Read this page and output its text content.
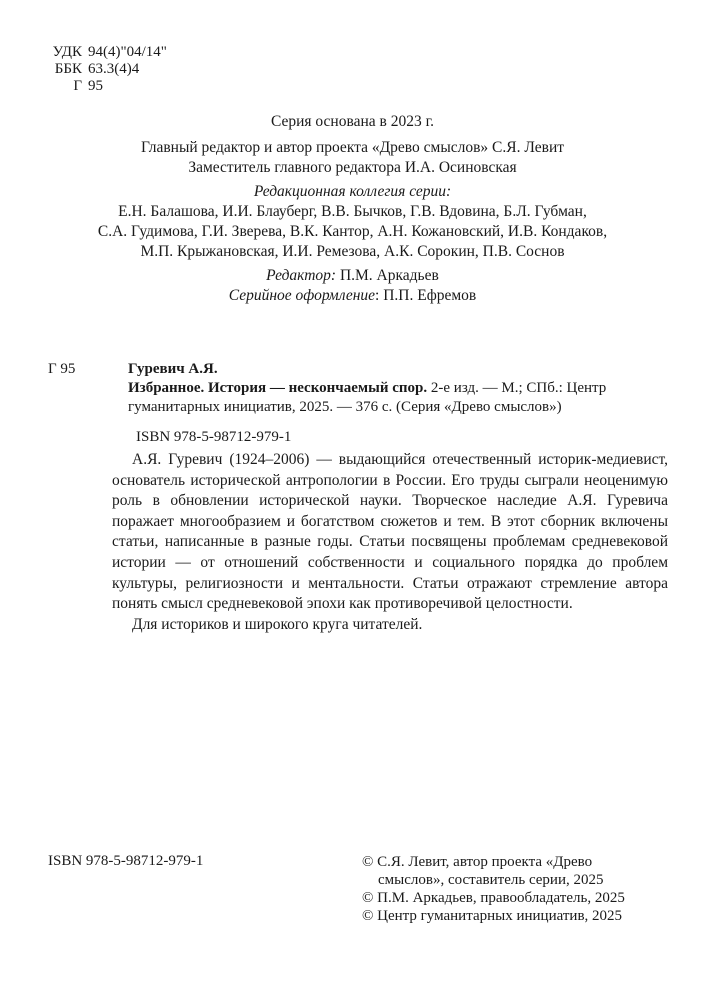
УДК 94(4)"04/14"
ББК 63.3(4)4
Г 95
Серия основана в 2023 г.
Главный редактор и автор проекта «Древо смыслов» С.Я. Левит
Заместитель главного редактора И.А. Осиновская
Редакционная коллегия серии:
Е.Н. Балашова, И.И. Блауберг, В.В. Бычков, Г.В. Вдовина, Б.Л. Губман,
С.А. Гудимова, Г.И. Зверева, В.К. Кантор, А.Н. Кожановский, И.В. Кондаков,
М.П. Крыжановская, И.И. Ремезова, А.К. Сорокин, П.В. Соснов
Редактор: П.М. Аркадьев
Серийное оформление: П.П. Ефремов
Г 95	Гуревич А.Я.
Избранное. История — нескончаемый спор. 2-е изд. — М.; СПб.: Центр гуманитарных инициатив, 2025. — 376 с. (Серия «Древо смыслов»)
ISBN 978-5-98712-979-1

А.Я. Гуревич (1924–2006) — выдающийся отечественный историк-медиевист, основатель исторической антропологии в России. Его труды сыграли неоценимую роль в обновлении исторической науки. Творческое наследие А.Я. Гуревича поражает многообразием и богатством сюжетов и тем. В этот сборник включены статьи, написанные в разные годы. Статьи посвящены проблемам средневековой истории — от отношений собственности и социального порядка до проблем культуры, религиозности и ментальности. Статьи отражают стремление автора понять смысл средневековой эпохи как противоречивой целостности.

Для историков и широкого круга читателей.

ISBN 978-5-98712-979-1	© С.Я. Левит, автор проекта «Древо смыслов», составитель серии, 2025
© П.М. Аркадьев, правообладатель, 2025
© Центр гуманитарных инициатив, 2025
